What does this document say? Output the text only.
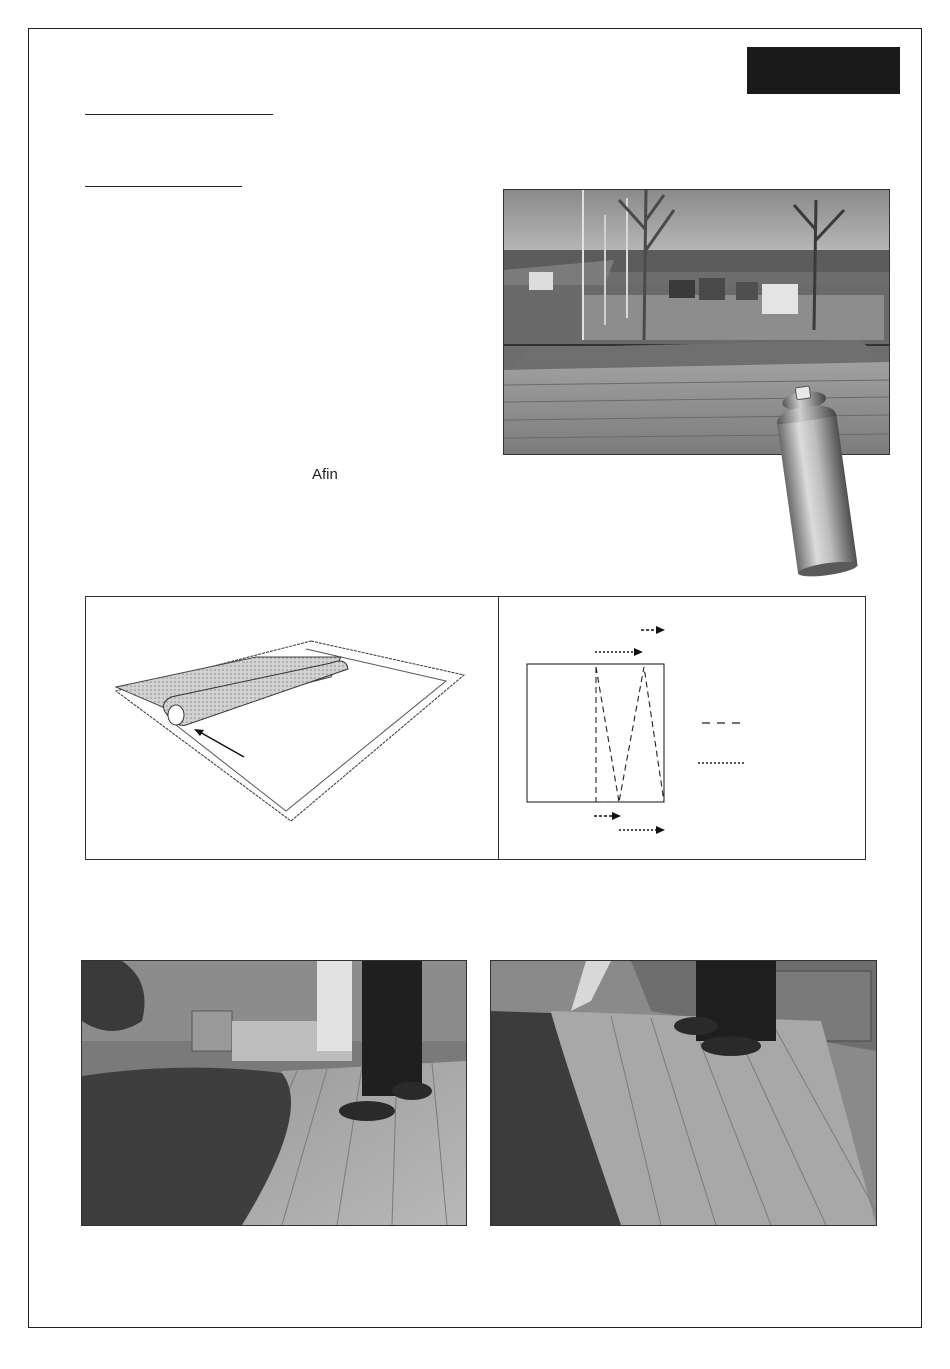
Afin
